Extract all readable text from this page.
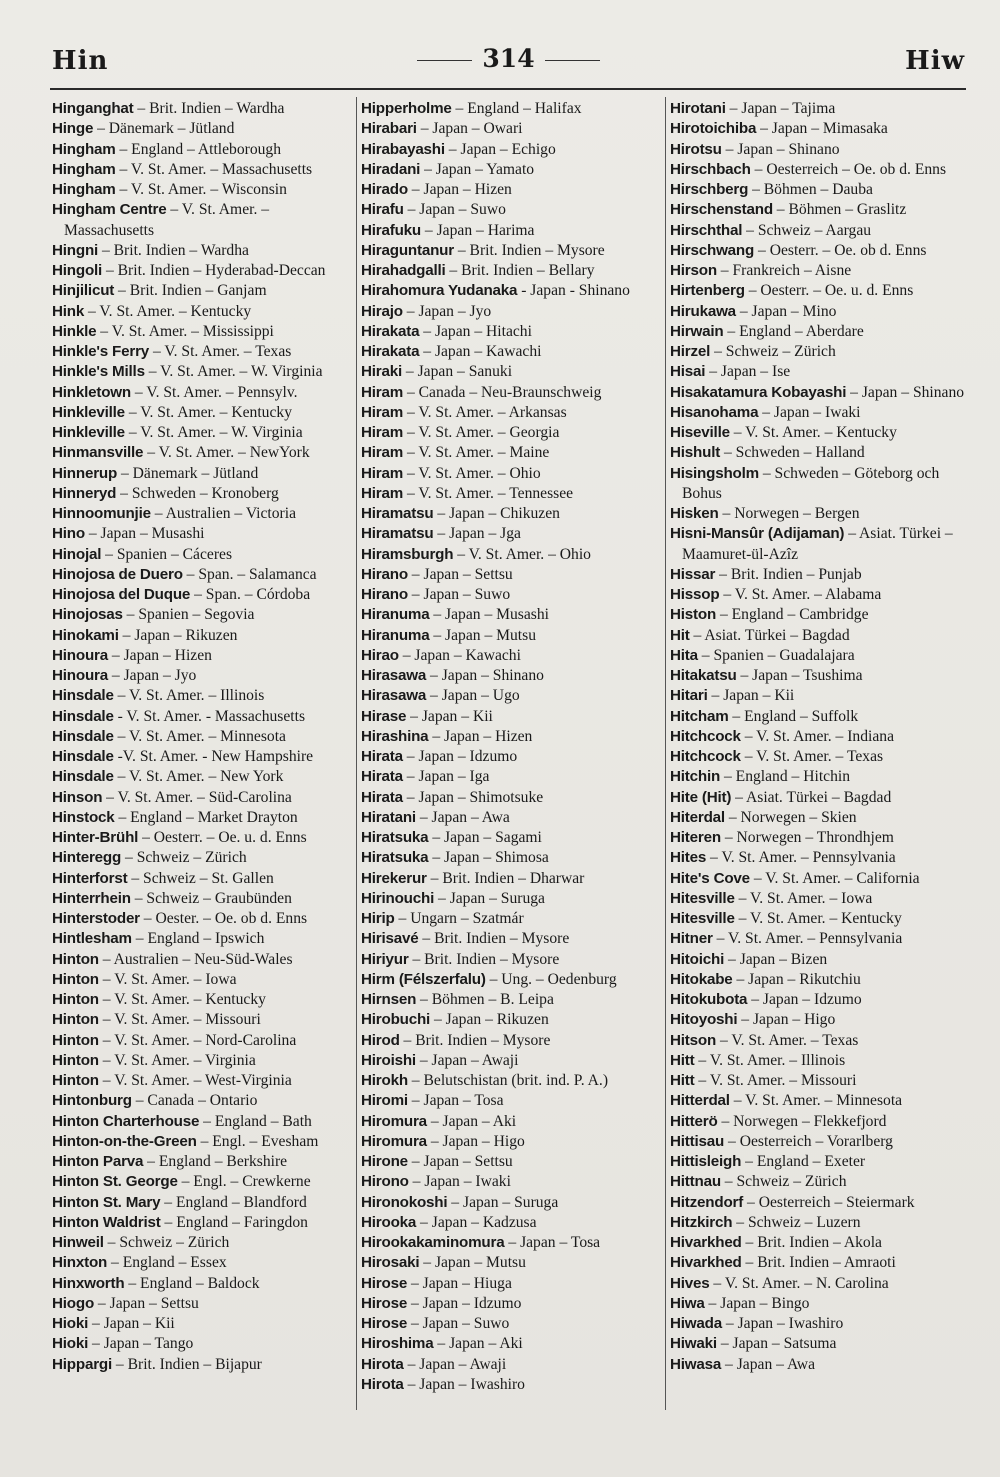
Hin	314	Hiw
Hinganghat – Brit. Indien – Wardha
Hinge – Dänemark – Jütland
Hingham – England – Attleborough
Hingham – V. St. Amer. – Massachusetts
Hingham – V. St. Amer. – Wisconsin
Hingham Centre – V. St. Amer. – Massachusetts
Hingni – Brit. Indien – Wardha
Hingoli – Brit. Indien – Hyderabad-Deccan
Hinjilicut – Brit. Indien – Ganjam
Hink – V. St. Amer. – Kentucky
Hinkle – V. St. Amer. – Mississippi
Hinkle's Ferry – V. St. Amer. – Texas
Hinkle's Mills – V. St. Amer. – W. Virginia
Hinkletown – V. St. Amer. – Pennsylv.
Hinkleville – V. St. Amer. – Kentucky
Hinkleville – V. St. Amer. – W. Virginia
Hinmansville – V. St. Amer. – NewYork
Hinnerup – Dänemark – Jütland
Hinneryd – Schweden – Kronoberg
Hinnoomunjie – Australien – Victoria
Hino – Japan – Musashi
Hinojal – Spanien – Cáceres
Hinojosa de Duero – Span. – Salamanca
Hinojosa del Duque – Span. – Córdoba
Hinojosas – Spanien – Segovia
Hinokami – Japan – Rikuzen
Hinoura – Japan – Hizen
Hinoura – Japan – Jyo
Hinsdale – V. St. Amer. – Illinois
Hinsdale - V. St. Amer. - Massachusetts
Hinsdale – V. St. Amer. – Minnesota
Hinsdale -V. St. Amer. - New Hampshire
Hinsdale – V. St. Amer. – New York
Hinson – V. St. Amer. – Süd-Carolina
Hinstock – England – Market Drayton
Hinter-Brühl – Oesterr. – Oe. u. d. Enns
Hinteregg – Schweiz – Zürich
Hinterforst – Schweiz – St. Gallen
Hinterrhein – Schweiz – Graubünden
Hinterstoder – Oester. – Oe. ob d. Enns
Hintlesham – England – Ipswich
Hinton – Australien – Neu-Süd-Wales
Hinton – V. St. Amer. – Iowa
Hinton – V. St. Amer. – Kentucky
Hinton – V. St. Amer. – Missouri
Hinton – V. St. Amer. – Nord-Carolina
Hinton – V. St. Amer. – Virginia
Hinton – V. St. Amer. – West-Virginia
Hintonburg – Canada – Ontario
Hinton Charterhouse – England – Bath
Hinton-on-the-Green – Engl. – Evesham
Hinton Parva – England – Berkshire
Hinton St. George – Engl. – Crewkerne
Hinton St. Mary – England – Blandford
Hinton Waldrist – England – Faringdon
Hinweil – Schweiz – Zürich
Hinxton – England – Essex
Hinxworth – England – Baldock
Hiogo – Japan – Settsu
Hioki – Japan – Kii
Hioki – Japan – Tango
Hippargi – Brit. Indien – Bijapur
Hipperholme – England – Halifax
Hirabari – Japan – Owari
Hirabayashi – Japan – Echigo
Hiradani – Japan – Yamato
Hirado – Japan – Hizen
Hirafu – Japan – Suwo
Hirafuku – Japan – Harima
Hiraguntanur – Brit. Indien – Mysore
Hirahadgalli – Brit. Indien – Bellary
Hirahomura Yudanaka - Japan - Shinano
Hirajo – Japan – Jyo
Hirakata – Japan – Hitachi
Hirakata – Japan – Kawachi
Hiraki – Japan – Sanuki
Hiram – Canada – Neu-Braunschweig
Hiram – V. St. Amer. – Arkansas
Hiram – V. St. Amer. – Georgia
Hiram – V. St. Amer. – Maine
Hiram – V. St. Amer. – Ohio
Hiram – V. St. Amer. – Tennessee
Hiramatsu – Japan – Chikuzen
Hiramatsu – Japan – Jga
Hiramsburgh – V. St. Amer. – Ohio
Hirano – Japan – Settsu
Hirano – Japan – Suwo
Hiranuma – Japan – Musashi
Hiranuma – Japan – Mutsu
Hirao – Japan – Kawachi
Hirasawa – Japan – Shinano
Hirasawa – Japan – Ugo
Hirase – Japan – Kii
Hirashina – Japan – Hizen
Hirata – Japan – Idzumo
Hirata – Japan – Iga
Hirata – Japan – Shimotsuke
Hiratani – Japan – Awa
Hiratsuka – Japan – Sagami
Hiratsuka – Japan – Shimosa
Hirekerur – Brit. Indien – Dharwar
Hirinouchi – Japan – Suruga
Hirip – Ungarn – Szatmár
Hirisavé – Brit. Indien – Mysore
Hiriyur – Brit. Indien – Mysore
Hirm (Félszerfalu) – Ung. – Oedenburg
Hirnsen – Böhmen – B. Leipa
Hirobuchi – Japan – Rikuzen
Hirod – Brit. Indien – Mysore
Hiroishi – Japan – Awaji
Hirokh – Belutschistan (brit. ind. P. A.)
Hiromi – Japan – Tosa
Hiromura – Japan – Aki
Hiromura – Japan – Higo
Hirone – Japan – Settsu
Hirono – Japan – Iwaki
Hironokoshi – Japan – Suruga
Hirooka – Japan – Kadzusa
Hirookakaminomura – Japan – Tosa
Hirosaki – Japan – Mutsu
Hirose – Japan – Hiuga
Hirose – Japan – Idzumo
Hirose – Japan – Suwo
Hiroshima – Japan – Aki
Hirota – Japan – Awaji
Hirota – Japan – Iwashiro
Hirotani – Japan – Tajima
Hirotoichiba – Japan – Mimasaka
Hirotsu – Japan – Shinano
Hirschbach – Oesterreich – Oe. ob d. Enns
Hirschberg – Böhmen – Dauba
Hirschenstand – Böhmen – Graslitz
Hirschthal – Schweiz – Aargau
Hirschwang – Oesterr. – Oe. ob d. Enns
Hirson – Frankreich – Aisne
Hirtenberg – Oesterr. – Oe. u. d. Enns
Hirukawa – Japan – Mino
Hirwain – England – Aberdare
Hirzel – Schweiz – Zürich
Hisai – Japan – Ise
Hisakatamura Kobayashi – Japan – Shinano
Hisanohama – Japan – Iwaki
Hiseville – V. St. Amer. – Kentucky
Hishult – Schweden – Halland
Hisingsholm – Schweden – Göteborg och Bohus
Hisken – Norwegen – Bergen
Hisni-Mansûr (Adijaman) – Asiat. Türkei – Maamuret-ül-Azîz
Hissar – Brit. Indien – Punjab
Hissop – V. St. Amer. – Alabama
Histon – England – Cambridge
Hit – Asiat. Türkei – Bagdad
Hita – Spanien – Guadalajara
Hitakatsu – Japan – Tsushima
Hitari – Japan – Kii
Hitcham – England – Suffolk
Hitchcock – V. St. Amer. – Indiana
Hitchcock – V. St. Amer. – Texas
Hitchin – England – Hitchin
Hite (Hit) – Asiat. Türkei – Bagdad
Hiterdal – Norwegen – Skien
Hiteren – Norwegen – Throndhjem
Hites – V. St. Amer. – Pennsylvania
Hite's Cove – V. St. Amer. – California
Hitesville – V. St. Amer. – Iowa
Hitesville – V. St. Amer. – Kentucky
Hitner – V. St. Amer. – Pennsylvania
Hitoichi – Japan – Bizen
Hitokabe – Japan – Rikutchiu
Hitokubota – Japan – Idzumo
Hitoyoshi – Japan – Higo
Hitson – V. St. Amer. – Texas
Hitt – V. St. Amer. – Illinois
Hitt – V. St. Amer. – Missouri
Hitterdal – V. St. Amer. – Minnesota
Hitterö – Norwegen – Flekkefjord
Hittisau – Oesterreich – Vorarlberg
Hittisleigh – England – Exeter
Hittnau – Schweiz – Zürich
Hitzendorf – Oesterreich – Steiermark
Hitzkirch – Schweiz – Luzern
Hivarkhed – Brit. Indien – Akola
Hivarkhed – Brit. Indien – Amraoti
Hives – V. St. Amer. – N. Carolina
Hiwa – Japan – Bingo
Hiwada – Japan – Iwashiro
Hiwaki – Japan – Satsuma
Hiwasa – Japan – Awa
